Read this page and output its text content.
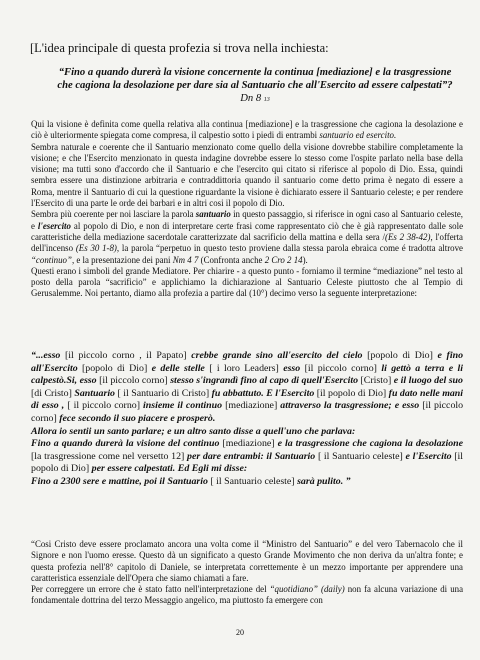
[L'idea principale di questa profezia si trova nella inchiesta:
“Fino a quando durerà la visione concernente la continua [mediazione] e la trasgressione che cagiona la desolazione per dare sia al Santuario che all'Esercito ad essere calpestati”? Dn 8 13

Qui la visione è definita come quella relativa alla continua [mediazione] e la trasgressione che cagiona la desolazione e ciò è ulteriormente spiegata come compresa, il calpestio sotto i piedi di entrambi santuario ed esercito.

Sembra naturale e coerente che il Santuario menzionato come quello della visione dovrebbe stabilire completamente la visione; e che l'Esercito menzionato in questa indagine dovrebbe essere lo stesso come l'ospite parlato nella base della visione; ma tutti sono d'accordo che il Santuario e che l'esercito qui citato si riferisce al popolo di Dio. Essa, quindi sembra essere una distinzione arbitraria e contraddittoria quando il santuario come detto prima è negato di essere a Roma, mentre il Santuario di cui la questione riguardante la visione è dichiarato essere il Santuario celeste; e per rendere l'Esercito di una parte le orde dei barbari e in altri cosi il popolo di Dio.

Sembra più coerente per noi lasciare la parola santuario in questo passaggio, si riferisce in ogni caso al Santuario celeste, e l'esercito al popolo di Dio, e non di interpretare certe frasi come rappresentato ciò che è già rappresentato dalle sole caratteristiche della mediazione sacerdotale caratterizzate dal sacrificio della mattina e della sera /(Es 2 38-42), l'offerta dell'incenso (Es 30 1-8), la parola “perpetuo in questo testo proviene dalla stessa parola ebraica come é tradotta altrove “continuo”, e la presentazione dei pani Nm 4 7 (Confronta anche 2 Cro 2 14).

Questi erano i simboli del grande Mediatore. Per chiarire - a questo punto - forniamo il termine “mediazione” nel testo al posto della parola “sacrificio” e applichiamo la dichiarazione al Santuario Celeste piuttosto che al Tempio di Gerusalemme. Noi pertanto, diamo alla profezia a partire dal (10°) decimo verso la seguente interpretazione:

“...esso [il piccolo corno , il Papato] crebbe grande sino all'esercito del cielo [popolo di Dio] e fino all'Esercito [popolo di Dio] e delle stelle [ i loro Leaders] esso [il piccolo corno] li gettò a terra e li calpestò.Si, esso [il piccolo corno] stesso s'ingrandì fino al capo di quell'Esercito [Cristo] e il luogo del suo [di Cristo] Santuario [ il Santuario di Cristo] fu abbattuto. E l'Esercito [il popolo di Dio] fu dato nelle mani di esso , [ il piccolo corno] insieme il continuo [mediazione] attraverso la trasgressione; e esso [il piccolo corno] fece secondo il suo piacere e prosperò.
Allora io sentii un santo parlare; e un altro santo disse a quell'uno che parlava:
Fino a quando durerà la visione del continuo [mediazione] e la trasgressione che cagiona la desolazione [la trasgressione come nel versetto 12] per dare entrambi: il Santuario [ il Santuario celeste] e l'Esercito [il popolo di Dio] per essere calpestati. Ed Egli mi disse:
Fino a 2300 sere e mattine, poi il Santuario [ il Santuario celeste] sarà pulito. ”

“Cosi Cristo deve essere proclamato ancora una volta come il “Ministro del Santuario” e del vero Tabernacolo che il Signore e non l'uomo eresse. Questo dà un significato a questo Grande Movimento che non deriva da un'altra fonte; e questa profezia nell'8° capitolo di Daniele, se interpretata correttemente è un mezzo importante per apprendere una caratteristica essenziale dell'Opera che siamo chiamati a fare.

Per correggere un errore che è stato fatto nell'interpretazione del “quotidiano” (daily) non fa alcuna variazione di una fondamentale dottrina del terzo Messaggio angelico, ma piuttosto fa emergere con

20
